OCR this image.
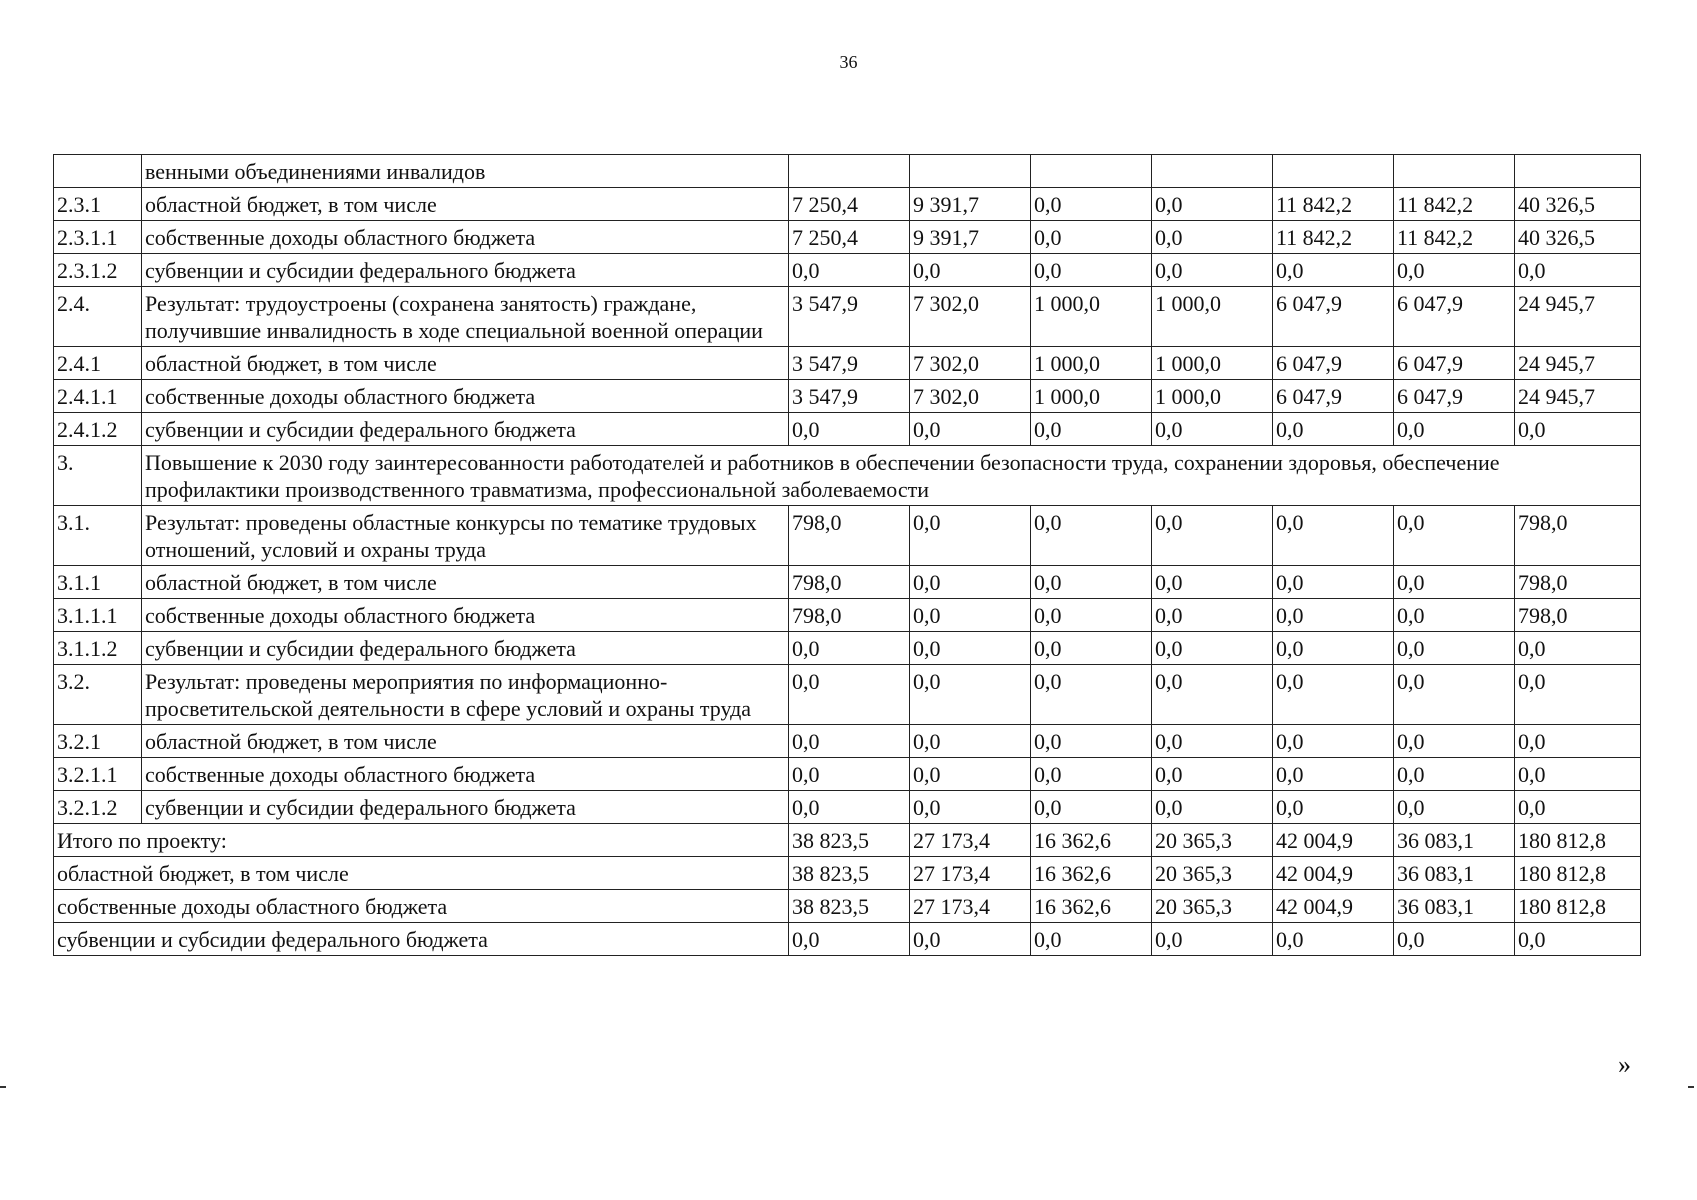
36
	венными объединениями инвалидов							
2.3.1	областной бюджет, в том числе	7 250,4	9 391,7	0,0	0,0	11 842,2	11 842,2	40 326,5
2.3.1.1	собственные доходы областного бюджета	7 250,4	9 391,7	0,0	0,0	11 842,2	11 842,2	40 326,5
2.3.1.2	субвенции и субсидии федерального бюджета	0,0	0,0	0,0	0,0	0,0	0,0	0,0
2.4.	Результат: трудоустроены (сохранена занятость) граждане, получившие инвалидность в ходе специальной военной операции	3 547,9	7 302,0	1 000,0	1 000,0	6 047,9	6 047,9	24 945,7
2.4.1	областной бюджет, в том числе	3 547,9	7 302,0	1 000,0	1 000,0	6 047,9	6 047,9	24 945,7
2.4.1.1	собственные доходы областного бюджета	3 547,9	7 302,0	1 000,0	1 000,0	6 047,9	6 047,9	24 945,7
2.4.1.2	субвенции и субсидии федерального бюджета	0,0	0,0	0,0	0,0	0,0	0,0	0,0
3.	Повышение к 2030 году заинтересованности работодателей и работников в обеспечении безопасности труда, сохранении здоровья, обеспечение профилактики производственного травматизма, профессиональной заболеваемости							
3.1.	Результат: проведены областные конкурсы по тематике трудовых отношений, условий и охраны труда	798,0	0,0	0,0	0,0	0,0	0,0	798,0
3.1.1	областной бюджет, в том числе	798,0	0,0	0,0	0,0	0,0	0,0	798,0
3.1.1.1	собственные доходы областного бюджета	798,0	0,0	0,0	0,0	0,0	0,0	798,0
3.1.1.2	субвенции и субсидии федерального бюджета	0,0	0,0	0,0	0,0	0,0	0,0	0,0
3.2.	Результат: проведены мероприятия по информационно-просветительской деятельности в сфере условий и охраны труда	0,0	0,0	0,0	0,0	0,0	0,0	0,0
3.2.1	областной бюджет, в том числе	0,0	0,0	0,0	0,0	0,0	0,0	0,0
3.2.1.1	собственные доходы областного бюджета	0,0	0,0	0,0	0,0	0,0	0,0	0,0
3.2.1.2	субвенции и субсидии федерального бюджета	0,0	0,0	0,0	0,0	0,0	0,0	0,0
Итого по проекту:		38 823,5	27 173,4	16 362,6	20 365,3	42 004,9	36 083,1	180 812,8
областной бюджет, в том числе		38 823,5	27 173,4	16 362,6	20 365,3	42 004,9	36 083,1	180 812,8
собственные доходы областного бюджета		38 823,5	27 173,4	16 362,6	20 365,3	42 004,9	36 083,1	180 812,8
субвенции и субсидии федерального бюджета		0,0	0,0	0,0	0,0	0,0	0,0	0,0
»
